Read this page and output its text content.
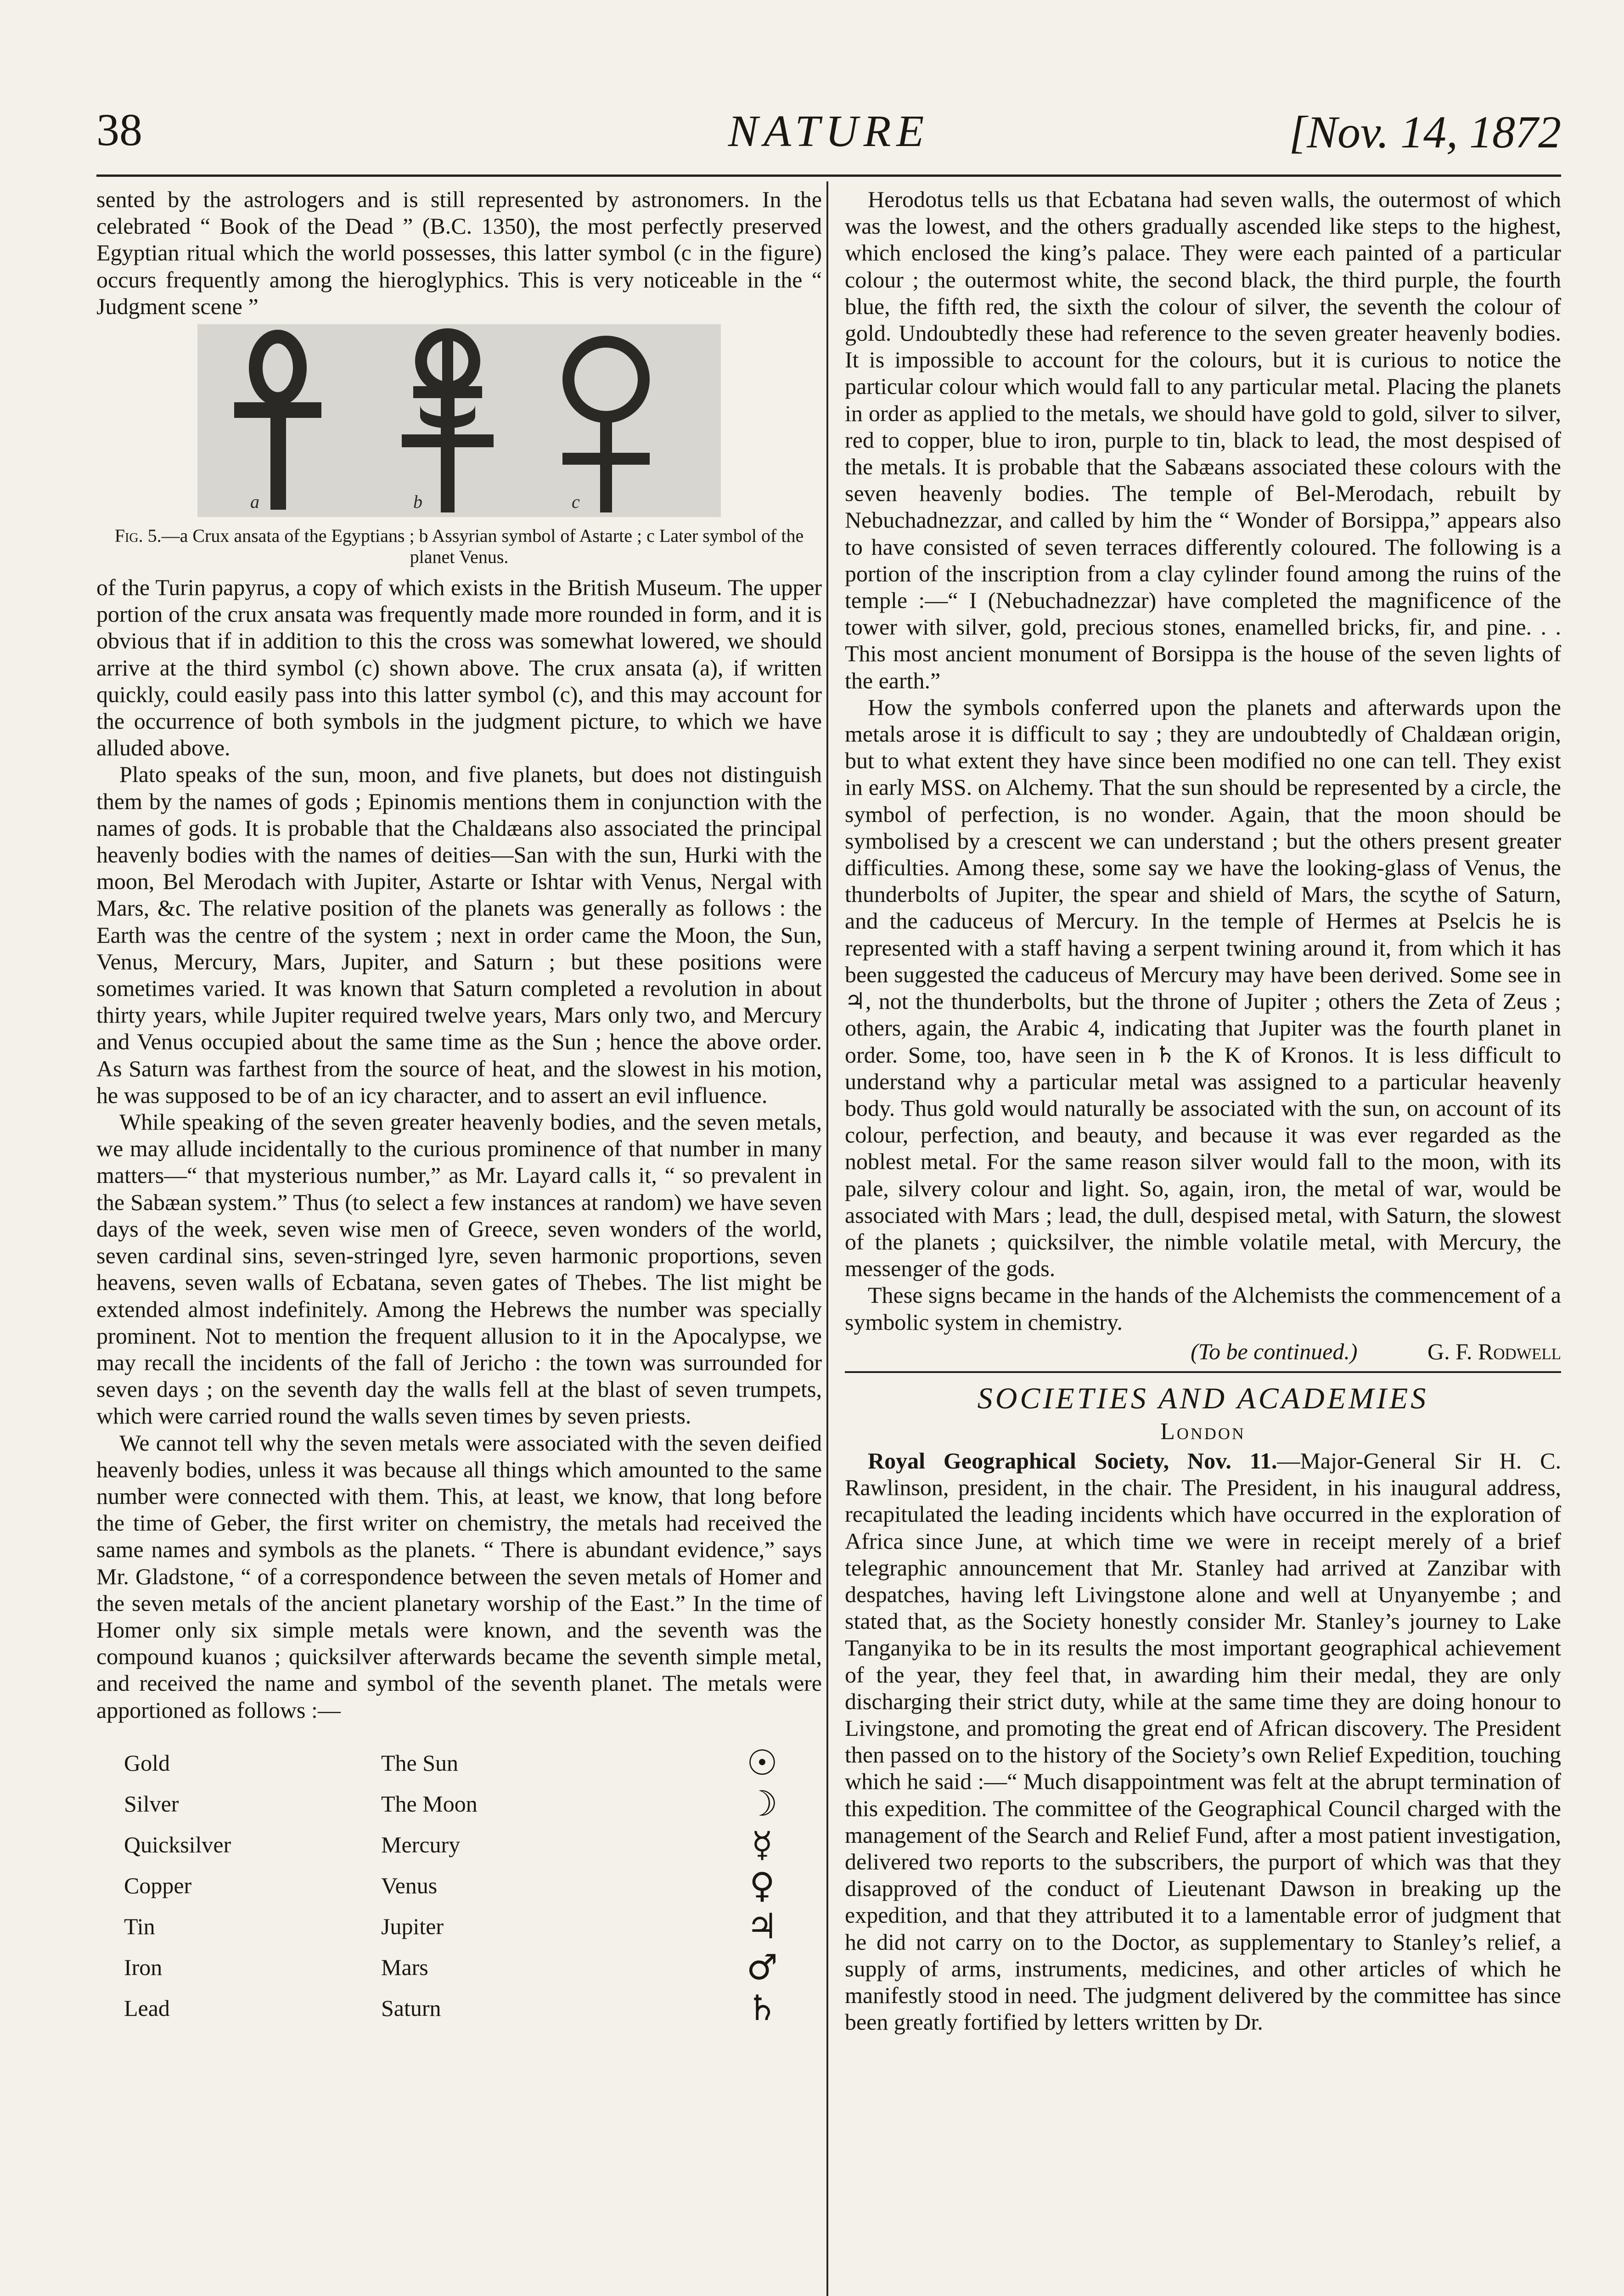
38	NATURE	[Nov. 14, 1872

sented by the astrologers and is still represented by astronomers. In the celebrated “ Book of the Dead ” (B.C. 1350), the most perfectly preserved Egyptian ritual which the world possesses, this latter symbol (c in the figure) occurs frequently among the hieroglyphics. This is very noticeable in the “ Judgment scene ”

a	b	c
Fig. 5.—a Crux ansata of the Egyptians ; b Assyrian symbol of Astarte ; c Later symbol of the planet Venus.

of the Turin papyrus, a copy of which exists in the British Museum. The upper portion of the crux ansata was frequently made more rounded in form, and it is obvious that if in addition to this the cross was somewhat lowered, we should arrive at the third symbol (c) shown above. The crux ansata (a), if written quickly, could easily pass into this latter symbol (c), and this may account for the occurrence of both symbols in the judgment picture, to which we have alluded above.

Plato speaks of the sun, moon, and five planets, but does not distinguish them by the names of gods ; Epinomis mentions them in conjunction with the names of gods. It is probable that the Chaldæans also associated the principal heavenly bodies with the names of deities—San with the sun, Hurki with the moon, Bel Merodach with Jupiter, Astarte or Ishtar with Venus, Nergal with Mars, &c. The relative position of the planets was generally as follows : the Earth was the centre of the system ; next in order came the Moon, the Sun, Venus, Mercury, Mars, Jupiter, and Saturn ; but these positions were sometimes varied. It was known that Saturn completed a revolution in about thirty years, while Jupiter required twelve years, Mars only two, and Mercury and Venus occupied about the same time as the Sun ; hence the above order. As Saturn was farthest from the source of heat, and the slowest in his motion, he was supposed to be of an icy character, and to assert an evil influence.

While speaking of the seven greater heavenly bodies, and the seven metals, we may allude incidentally to the curious prominence of that number in many matters—“ that mysterious number,” as Mr. Layard calls it, “ so prevalent in the Sabæan system.” Thus (to select a few instances at random) we have seven days of the week, seven wise men of Greece, seven wonders of the world, seven cardinal sins, seven-stringed lyre, seven harmonic proportions, seven heavens, seven walls of Ecbatana, seven gates of Thebes. The list might be extended almost indefinitely. Among the Hebrews the number was specially prominent. Not to mention the frequent allusion to it in the Apocalypse, we may recall the incidents of the fall of Jericho : the town was surrounded for seven days ; on the seventh day the walls fell at the blast of seven trumpets, which were carried round the walls seven times by seven priests.

We cannot tell why the seven metals were associated with the seven deified heavenly bodies, unless it was because all things which amounted to the same number were connected with them. This, at least, we know, that long before the time of Geber, the first writer on chemistry, the metals had received the same names and symbols as the planets. “ There is abundant evidence,” says Mr. Gladstone, “ of a correspondence between the seven metals of Homer and the seven metals of the ancient planetary worship of the East.” In the time of Homer only six simple metals were known, and the seventh was the compound kuanos ; quicksilver afterwards became the seventh simple metal, and received the name and symbol of the seventh planet. The metals were apportioned as follows :—

Gold	The Sun	☉
Silver	The Moon	☽
Quicksilver	Mercury	☿
Copper	Venus	♀
Tin	Jupiter	♃
Iron	Mars	♂
Lead	Saturn	♄

Herodotus tells us that Ecbatana had seven walls, the outermost of which was the lowest, and the others gradually ascended like steps to the highest, which enclosed the king’s palace. They were each painted of a particular colour ; the outermost white, the second black, the third purple, the fourth blue, the fifth red, the sixth the colour of silver, the seventh the colour of gold. Undoubtedly these had reference to the seven greater heavenly bodies. It is impossible to account for the colours, but it is curious to notice the particular colour which would fall to any particular metal. Placing the planets in order as applied to the metals, we should have gold to gold, silver to silver, red to copper, blue to iron, purple to tin, black to lead, the most despised of the metals. It is probable that the Sabæans associated these colours with the seven heavenly bodies. The temple of Bel-Merodach, rebuilt by Nebuchadnezzar, and called by him the “ Wonder of Borsippa,” appears also to have consisted of seven terraces differently coloured. The following is a portion of the inscription from a clay cylinder found among the ruins of the temple :—“ I (Nebuchadnezzar) have completed the magnificence of the tower with silver, gold, precious stones, enamelled bricks, fir, and pine. . . This most ancient monument of Borsippa is the house of the seven lights of the earth.”

How the symbols conferred upon the planets and afterwards upon the metals arose it is difficult to say ; they are undoubtedly of Chaldæan origin, but to what extent they have since been modified no one can tell. They exist in early MSS. on Alchemy. That the sun should be represented by a circle, the symbol of perfection, is no wonder. Again, that the moon should be symbolised by a crescent we can understand ; but the others present greater difficulties. Among these, some say we have the looking-glass of Venus, the thunderbolts of Jupiter, the spear and shield of Mars, the scythe of Saturn, and the caduceus of Mercury. In the temple of Hermes at Pselcis he is represented with a staff having a serpent twining around it, from which it has been suggested the caduceus of Mercury may have been derived. Some see in ♃, not the thunderbolts, but the throne of Jupiter ; others the Zeta of Zeus ; others, again, the Arabic 4, indicating that Jupiter was the fourth planet in order. Some, too, have seen in ♄ the K of Kronos. It is less difficult to understand why a particular metal was assigned to a particular heavenly body. Thus gold would naturally be associated with the sun, on account of its colour, perfection, and beauty, and because it was ever regarded as the noblest metal. For the same reason silver would fall to the moon, with its pale, silvery colour and light. So, again, iron, the metal of war, would be associated with Mars ; lead, the dull, despised metal, with Saturn, the slowest of the planets ; quicksilver, the nimble volatile metal, with Mercury, the messenger of the gods.

These signs became in the hands of the Alchemists the commencement of a symbolic system in chemistry.

(To be continued.)	G. F. Rodwell
SOCIETIES AND ACADEMIES
London

Royal Geographical Society, Nov. 11.—Major-General Sir H. C. Rawlinson, president, in the chair. The President, in his inaugural address, recapitulated the leading incidents which have occurred in the exploration of Africa since June, at which time we were in receipt merely of a brief telegraphic announcement that Mr. Stanley had arrived at Zanzibar with despatches, having left Livingstone alone and well at Unyanyembe ; and stated that, as the Society honestly consider Mr. Stanley’s journey to Lake Tanganyika to be in its results the most important geographical achievement of the year, they feel that, in awarding him their medal, they are only discharging their strict duty, while at the same time they are doing honour to Livingstone, and promoting the great end of African discovery. The President then passed on to the history of the Society’s own Relief Expedition, touching which he said :—“ Much disappointment was felt at the abrupt termination of this expedition. The committee of the Geographical Council charged with the management of the Search and Relief Fund, after a most patient investigation, delivered two reports to the subscribers, the purport of which was that they disapproved of the conduct of Lieutenant Dawson in breaking up the expedition, and that they attributed it to a lamentable error of judgment that he did not carry on to the Doctor, as supplementary to Stanley’s relief, a supply of arms, instruments, medicines, and other articles of which he manifestly stood in need. The judgment delivered by the committee has since been greatly fortified by letters written by Dr.
